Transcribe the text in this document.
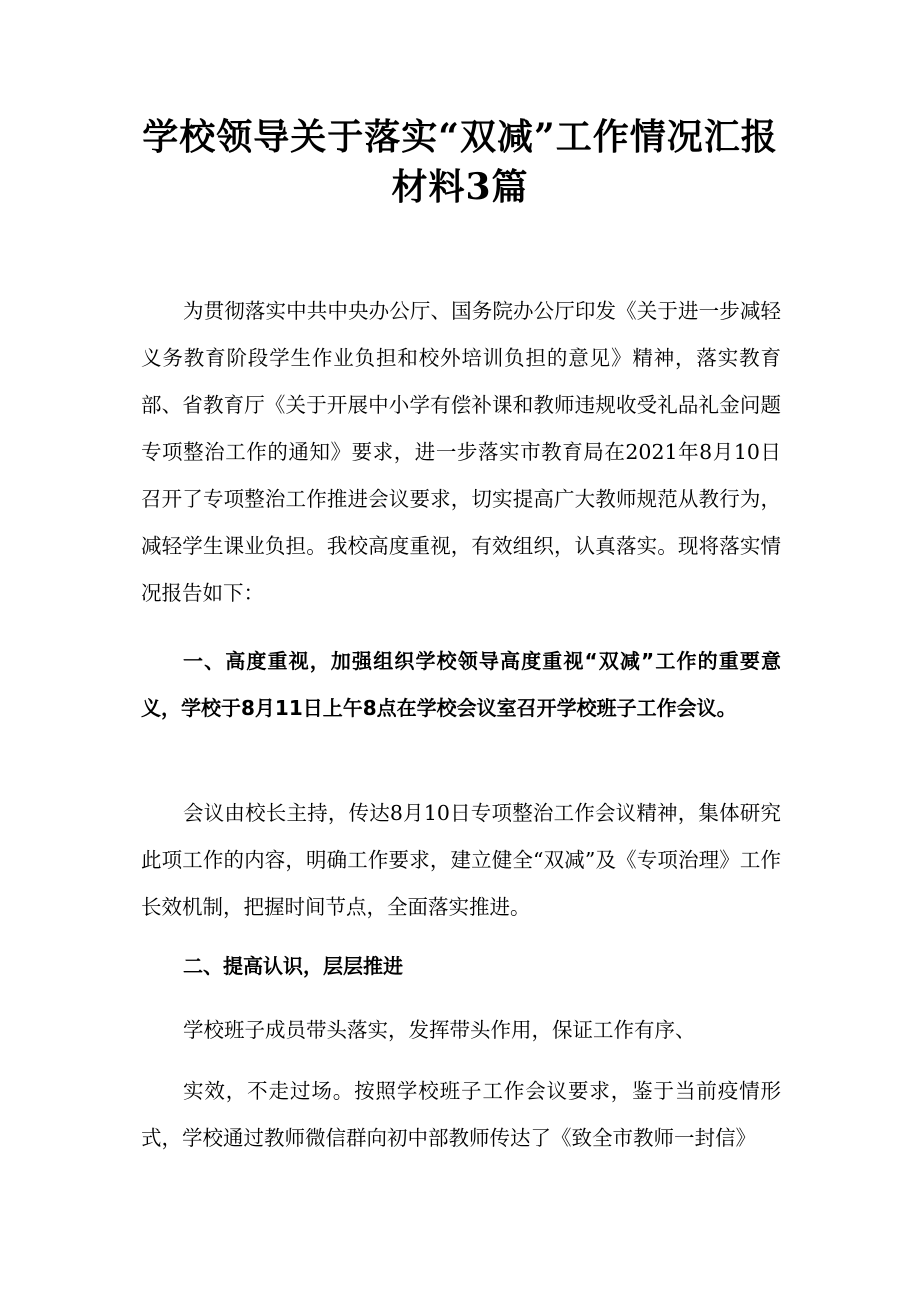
学校领导关于落实“双减”工作情况汇报材料3篇

为贯彻落实中共中央办公厅、国务院办公厅印发《关于进一步减轻义务教育阶段学生作业负担和校外培训负担的意见》精神，落实教育部、省教育厅《关于开展中小学有偿补课和教师违规收受礼品礼金问题专项整治工作的通知》要求，进一步落实市教育局在2021年8月10日召开了专项整治工作推进会议要求，切实提高广大教师规范从教行为，减轻学生课业负担。我校高度重视，有效组织，认真落实。现将落实情况报告如下：

一、高度重视，加强组织学校领导高度重视“双减”工作的重要意义，学校于8月11日上午8点在学校会议室召开学校班子工作会议。

会议由校长主持，传达8月10日专项整治工作会议精神，集体研究此项工作的内容，明确工作要求，建立健全“双减”及《专项治理》工作长效机制，把握时间节点，全面落实推进。

二、提高认识，层层推进

学校班子成员带头落实，发挥带头作用，保证工作有序、

实效，不走过场。按照学校班子工作会议要求，鉴于当前疫情形式，学校通过教师微信群向初中部教师传达了《致全市教师一封信》
